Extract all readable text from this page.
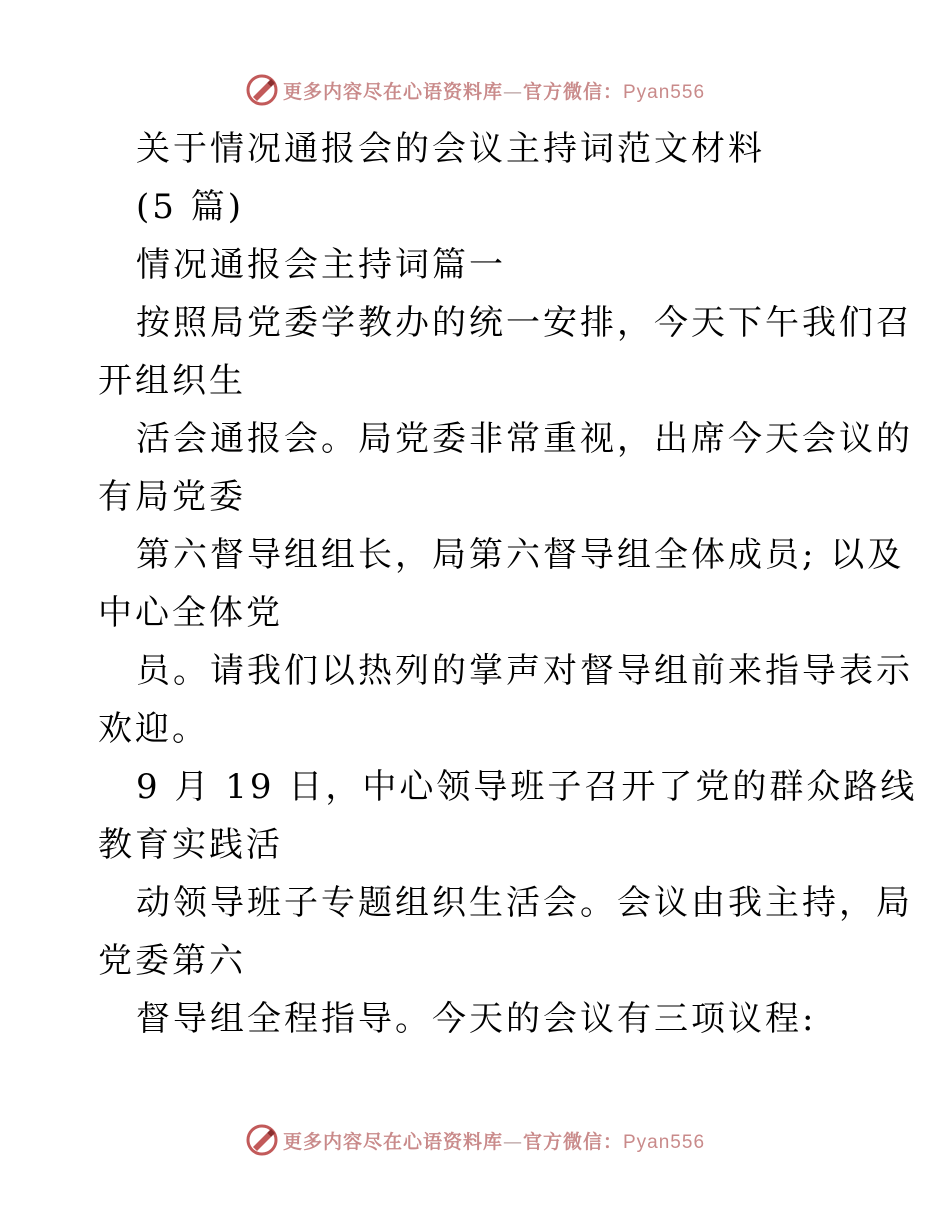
更多内容尽在心语资料库—官方微信：Pyan556
关于情况通报会的会议主持词范文材料
(5 篇)
情况通报会主持词篇一
按照局党委学教办的统一安排，今天下午我们召
开组织生
活会通报会。局党委非常重视，出席今天会议的
有局党委
第六督导组组长，局第六督导组全体成员; 以及
中心全体党
员。请我们以热列的掌声对督导组前来指导表示
欢迎。
9 月 19 日，中心领导班子召开了党的群众路线
教育实践活
动领导班子专题组织生活会。会议由我主持，局
党委第六
督导组全程指导。今天的会议有三项议程:
更多内容尽在心语资料库—官方微信：Pyan556
